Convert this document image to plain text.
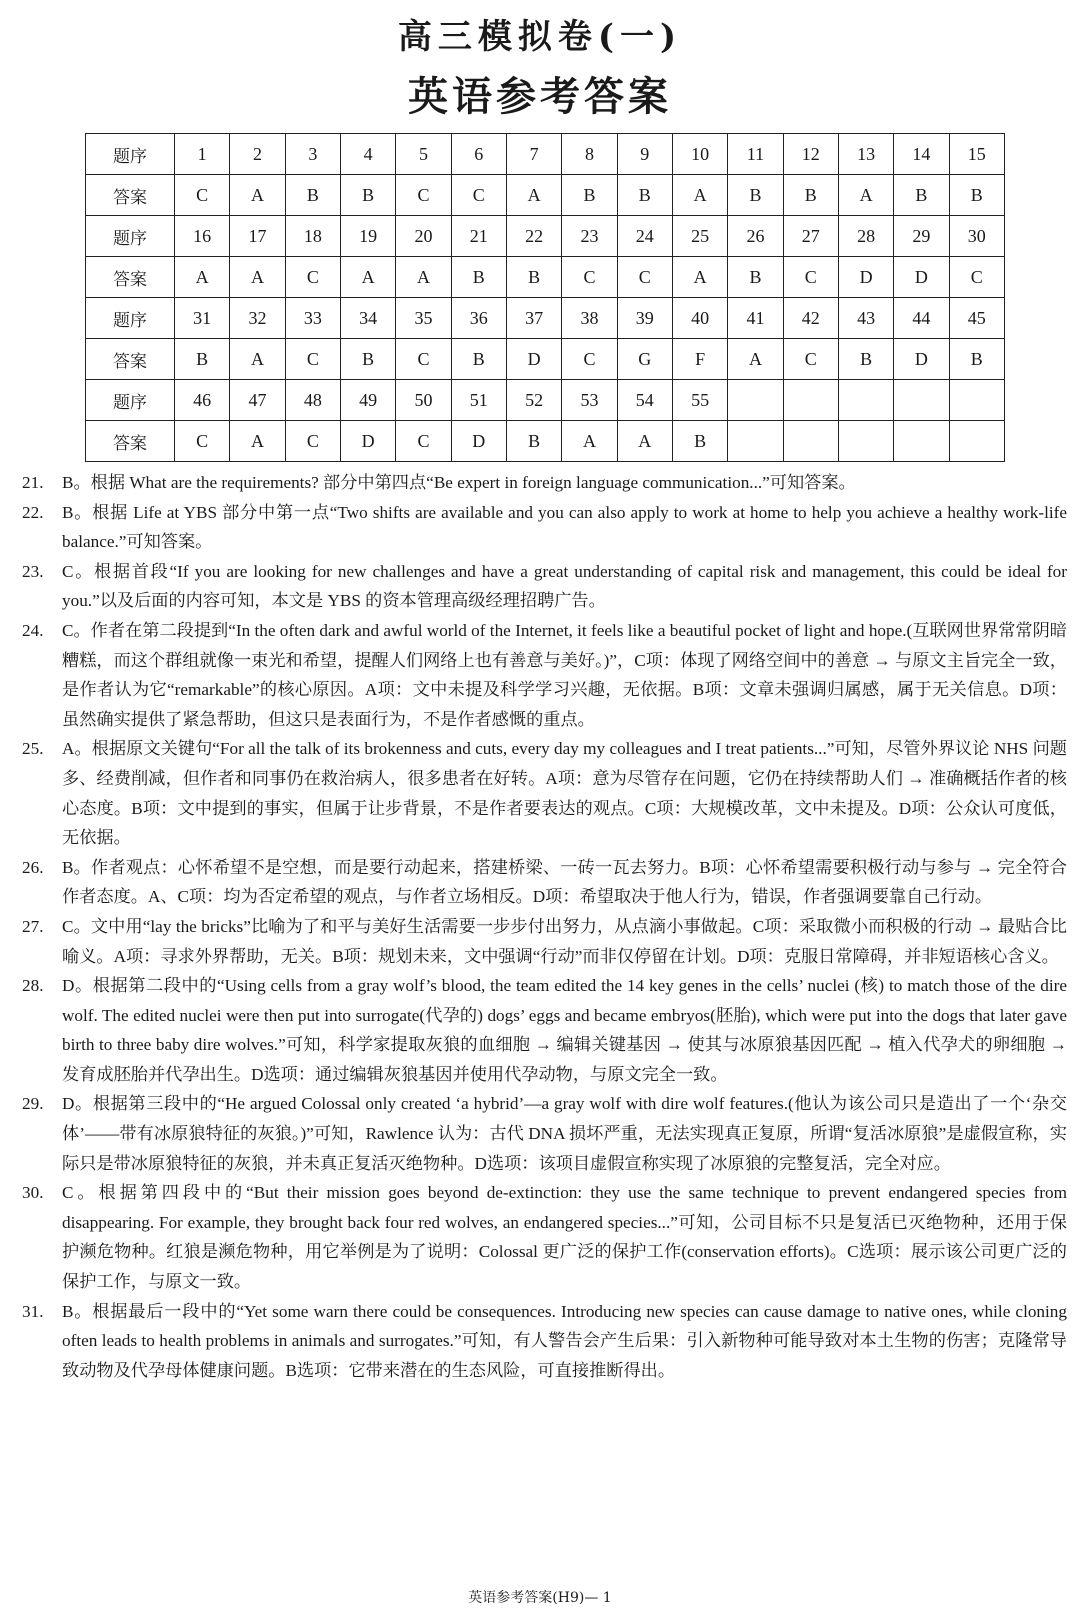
高三模拟卷(一)
英语参考答案
题序	1	2	3	4	5	6	7	8	9	10	11	12	13	14	15
答案	C	A	B	B	C	C	A	B	B	A	B	B	A	B	B
题序	16	17	18	19	20	21	22	23	24	25	26	27	28	29	30
答案	A	A	C	A	A	B	B	C	C	A	B	C	D	D	C
题序	31	32	33	34	35	36	37	38	39	40	41	42	43	44	45
答案	B	A	C	B	C	B	D	C	G	F	A	C	B	D	B
题序	46	47	48	49	50	51	52	53	54	55					
答案	C	A	C	D	C	D	B	A	A	B					
21. B。根据 What are the requirements? 部分中第四点“Be expert in foreign language communication...”可知答案。
22. B。根据 Life at YBS 部分中第一点“Two shifts are available and you can also apply to work at home to help you achieve a healthy work-life balance.”可知答案。
23. C。根据首段“If you are looking for new challenges and have a great understanding of capital risk and management, this could be ideal for you.”以及后面的内容可知，本文是 YBS 的资本管理高级经理招聘广告。
24. C。作者在第二段提到“In the often dark and awful world of the Internet, it feels like a beautiful pocket of light and hope.(互联网世界常常阴暗糟糕，而这个群组就像一束光和希望，提醒人们网络上也有善意与美好。)”，C项：体现了网络空间中的善意 → 与原文主旨完全一致，是作者认为它“remarkable”的核心原因。A项：文中未提及科学学习兴趣，无依据。B项：文章未强调归属感，属于无关信息。D项：虽然确实提供了紧急帮助，但这只是表面行为，不是作者感慨的重点。
25. A。根据原文关键句“For all the talk of its brokenness and cuts, every day my colleagues and I treat patients...”可知，尽管外界议论 NHS 问题多、经费削减，但作者和同事仍在救治病人，很多患者在好转。A项：意为尽管存在问题，它仍在持续帮助人们 → 准确概括作者的核心态度。B项：文中提到的事实，但属于让步背景，不是作者要表达的观点。C项：大规模改革，文中未提及。D项：公众认可度低，无依据。
26. B。作者观点：心怀希望不是空想，而是要行动起来，搭建桥梁、一砖一瓦去努力。B项：心怀希望需要积极行动与参与 → 完全符合作者态度。A、C项：均为否定希望的观点，与作者立场相反。D项：希望取决于他人行为，错误，作者强调要靠自己行动。
27. C。文中用“lay the bricks”比喻为了和平与美好生活需要一步步付出努力，从点滴小事做起。C项：采取微小而积极的行动 → 最贴合比喻义。A项：寻求外界帮助，无关。B项：规划未来，文中强调“行动”而非仅停留在计划。D项：克服日常障碍，并非短语核心含义。
28. D。根据第二段中的“Using cells from a gray wolf’s blood, the team edited the 14 key genes in the cells’ nuclei (核) to match those of the dire wolf. The edited nuclei were then put into surrogate(代孕的) dogs’ eggs and became embryos(胚胎), which were put into the dogs that later gave birth to three baby dire wolves.”可知，科学家提取灰狼的血细胞 → 编辑关键基因 → 使其与冰原狼基因匹配 → 植入代孕犬的卵细胞 → 发育成胚胎并代孕出生。D选项：通过编辑灰狼基因并使用代孕动物，与原文完全一致。
29. D。根据第三段中的“He argued Colossal only created ‘a hybrid’—a gray wolf with dire wolf features.(他认为该公司只是造出了一个‘杂交体’——带有冰原狼特征的灰狼。)”可知，Rawlence 认为：古代 DNA 损坏严重，无法实现真正复原，所谓“复活冰原狼”是虚假宣称，实际只是带冰原狼特征的灰狼，并未真正复活灭绝物种。D选项：该项目虚假宣称实现了冰原狼的完整复活，完全对应。
30. C。根据第四段中的“But their mission goes beyond de-extinction: they use the same technique to prevent endangered species from disappearing. For example, they brought back four red wolves, an endangered species...”可知，公司目标不只是复活已灭绝物种，还用于保护濒危物种。红狼是濒危物种，用它举例是为了说明：Colossal 更广泛的保护工作(conservation efforts)。C选项：展示该公司更广泛的保护工作，与原文一致。
31. B。根据最后一段中的“Yet some warn there could be consequences. Introducing new species can cause damage to native ones, while cloning often leads to health problems in animals and surrogates.”可知，有人警告会产生后果：引入新物种可能导致对本土生物的伤害；克隆常导致动物及代孕母体健康问题。B选项：它带来潜在的生态风险，可直接推断得出。
英语参考答案(H9)— 1
